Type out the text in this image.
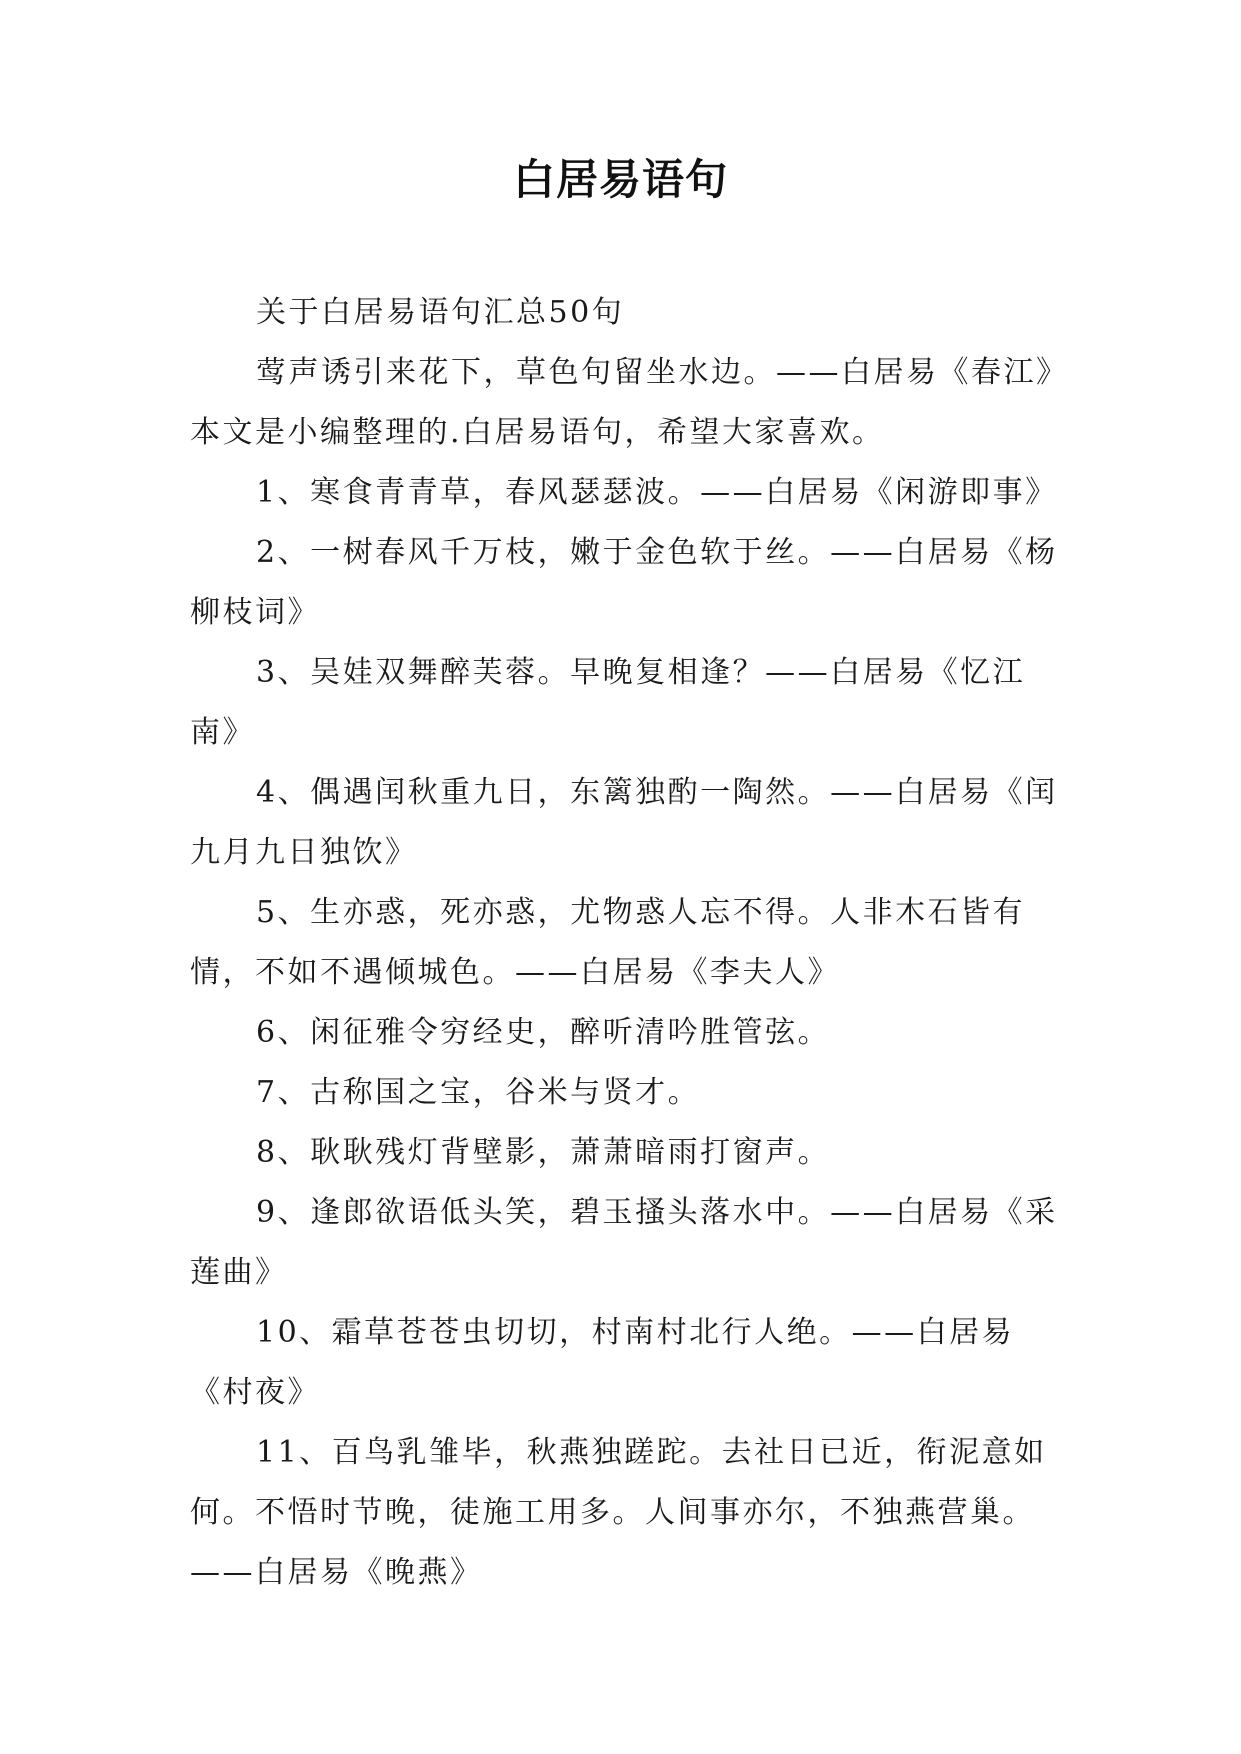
白居易语句

关于白居易语句汇总50句

莺声诱引来花下，草色句留坐水边。——白居易《春江》

本文是小编整理的.白居易语句，希望大家喜欢。

1、寒食青青草，春风瑟瑟波。——白居易《闲游即事》

2、一树春风千万枝，嫩于金色软于丝。——白居易《杨柳枝词》

3、吴娃双舞醉芙蓉。早晚复相逢？——白居易《忆江南》

4、偶遇闰秋重九日，东篱独酌一陶然。——白居易《闰九月九日独饮》

5、生亦惑，死亦惑，尤物惑人忘不得。人非木石皆有情，不如不遇倾城色。——白居易《李夫人》

6、闲征雅令穷经史，醉听清吟胜管弦。

7、古称国之宝，谷米与贤才。

8、耿耿残灯背壁影，萧萧暗雨打窗声。

9、逢郎欲语低头笑，碧玉搔头落水中。——白居易《采莲曲》

10、霜草苍苍虫切切，村南村北行人绝。——白居易《村夜》

11、百鸟乳雏毕，秋燕独蹉跎。去社日已近，衔泥意如何。不悟时节晚，徒施工用多。人间事亦尔，不独燕营巢。——白居易《晚燕》
